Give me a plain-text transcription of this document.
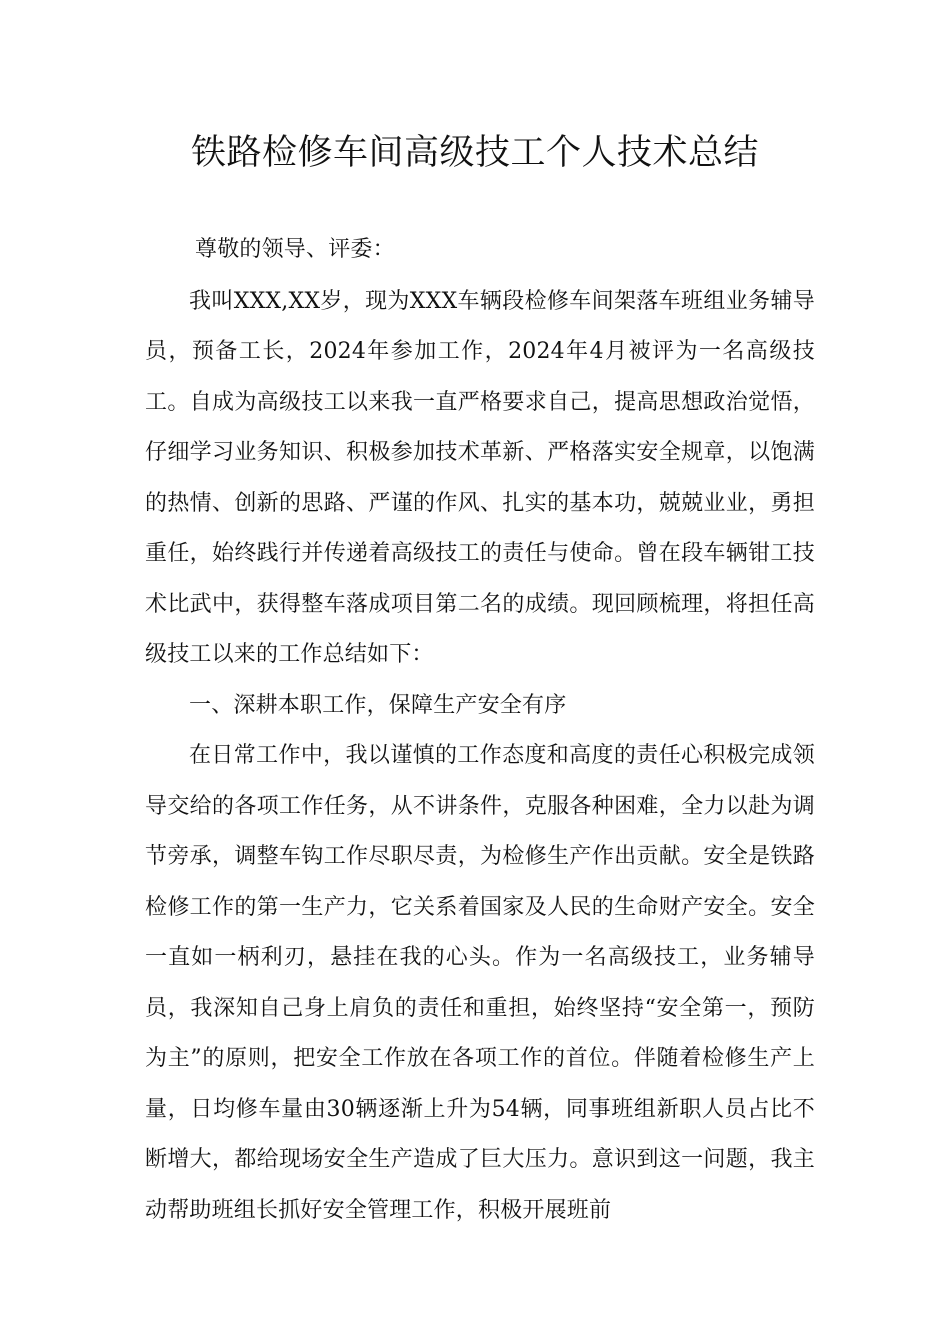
铁路检修车间高级技工个人技术总结

尊敬的领导、评委：

我叫XXX,XX岁，现为XXX车辆段检修车间架落车班组业务辅导员，预备工长，2024年参加工作，2024年4月被评为一名高级技工。自成为高级技工以来我一直严格要求自己，提高思想政治觉悟，仔细学习业务知识、积极参加技术革新、严格落实安全规章，以饱满的热情、创新的思路、严谨的作风、扎实的基本功，兢兢业业，勇担重任，始终践行并传递着高级技工的责任与使命。曾在段车辆钳工技术比武中，获得整车落成项目第二名的成绩。现回顾梳理，将担任高级技工以来的工作总结如下：

一、深耕本职工作，保障生产安全有序

在日常工作中，我以谨慎的工作态度和高度的责任心积极完成领导交给的各项工作任务，从不讲条件，克服各种困难，全力以赴为调节旁承，调整车钩工作尽职尽责，为检修生产作出贡献。安全是铁路检修工作的第一生产力，它关系着国家及人民的生命财产安全。安全一直如一柄利刃，悬挂在我的心头。作为一名高级技工，业务辅导员，我深知自己身上肩负的责任和重担，始终坚持“安全第一，预防为主”的原则，把安全工作放在各项工作的首位。伴随着检修生产上量，日均修车量由30辆逐渐上升为54辆，同事班组新职人员占比不断增大，都给现场安全生产造成了巨大压力。意识到这一问题，我主动帮助班组长抓好安全管理工作，积极开展班前
